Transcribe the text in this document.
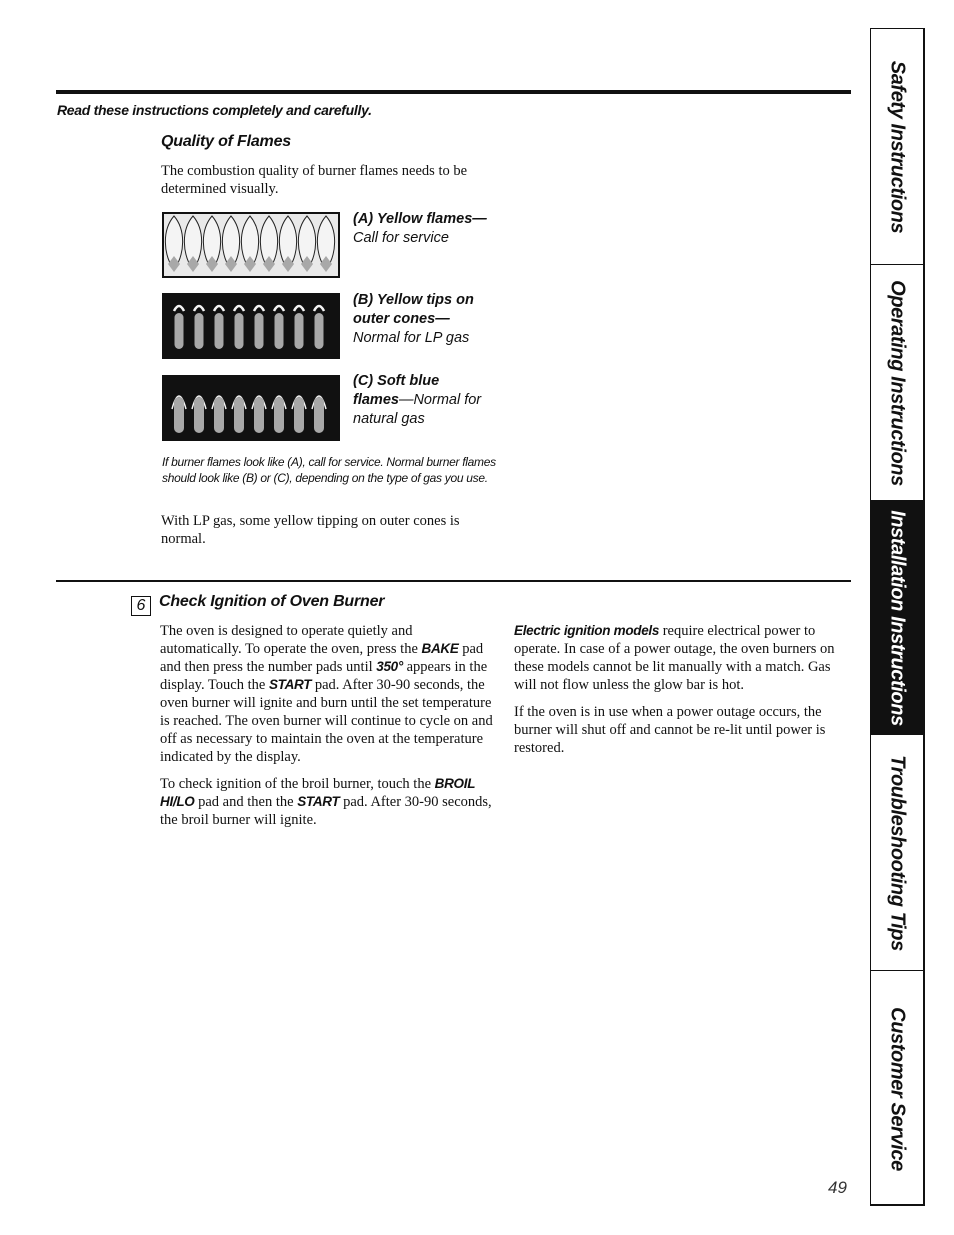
Read these instructions completely and carefully.
Quality of Flames
The combustion quality of burner flames needs to be determined visually.
(A) Yellow flames—
Call for service
(B) Yellow tips on
outer cones—
Normal for LP gas
(C) Soft blue
flames—Normal for
natural gas
If burner flames look like (A), call for service. Normal burner flames should look like (B) or (C), depending on the type of gas you use.
With LP gas, some yellow tipping on outer cones is normal.
6 Check Ignition of Oven Burner

The oven is designed to operate quietly and automatically. To operate the oven, press the BAKE pad and then press the number pads until 350° appears in the display. Touch the START pad. After 30-90 seconds, the oven burner will ignite and burn until the set temperature is reached. The oven burner will continue to cycle on and off as necessary to maintain the oven at the temperature indicated by the display.

To check ignition of the broil burner, touch the BROIL HI/LO pad and then the START pad. After 30-90 seconds, the broil burner will ignite.

Electric ignition models require electrical power to operate. In case of a power outage, the oven burners on these models cannot be lit manually with a match. Gas will not flow unless the glow bar is hot.

If the oven is in use when a power outage occurs, the burner will shut off and cannot be re-lit until power is restored.

49
Safety Instructions
Operating Instructions
Installation Instructions
Troubleshooting Tips
Customer Service
